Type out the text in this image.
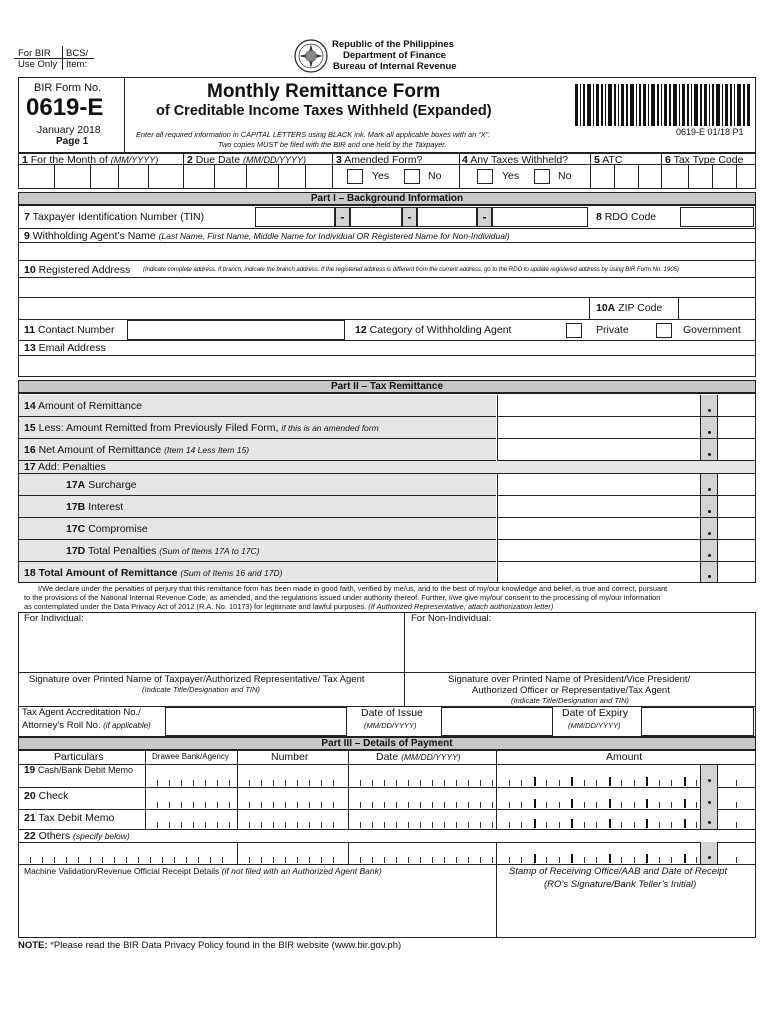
For BIR
Use Only
BCS/
Item:
Republic of the Philippines
Department of Finance
Bureau of Internal Revenue
BIR Form No.
0619-E
January 2018
Page 1
Monthly Remittance Form
of Creditable Income Taxes Withheld (Expanded)
Enter all required information in CAPITAL LETTERS using BLACK ink. Mark all applicable boxes with an “X”.
Two copies MUST be filed with the BIR and one held by the Taxpayer.
0619-E 01/18 P1
1 For the Month of (MM/YYYY)	2 Due Date (MM/DD/YYYY)	3 Amended Form?	4 Any Taxes Withheld? 5 ATC	6 Tax Type Code
Yes	No	Yes	No
Part I – Background Information
7 Taxpayer Identification Number (TIN)	-	-	-	8 RDO Code
9 Withholding Agent’s Name (Last Name, First Name, Middle Name for Individual OR Registered Name for Non-Individual)
10 Registered Address (Indicate complete address. If branch, indicate the branch address. If the registered address is different from the current address, go to the RDO to update registered address by using BIR Form No. 1905)
10A ZIP Code
11 Contact Number	12 Category of Withholding Agent	Private	Government
13 Email Address
Part II – Tax Remittance
14 Amount of Remittance
15 Less: Amount Remitted from Previously Filed Form, if this is an amended form
16 Net Amount of Remittance (Item 14 Less Item 15)
17 Add: Penalties
17A Surcharge
17B Interest
17C Compromise
17D Total Penalties (Sum of Items 17A to 17C)
18 Total Amount of Remittance (Sum of Items 16 and 17D)
I/We declare under the penalties of perjury that this remittance form has been made in good faith, verified by me/us, and to the best of my/our knowledge and belief, is true and correct, pursuant
to the provisions of the National Internal Revenue Code, as amended, and the regulations issued under authority thereof. Further, I/we give my/our consent to the processing of my/our information
as contemplated under the Data Privacy Act of 2012 (R.A. No. 10173) for legitimate and lawful purposes. (If Authorized Representative, attach authorization letter)
For Individual:	For Non-Individual:
Signature over Printed Name of Taxpayer/Authorized Representative/ Tax Agent
(Indicate Title/Designation and TIN)
Signature over Printed Name of President/Vice President/
Authorized Officer or Representative/Tax Agent
(Indicate Title/Designation and TIN)
Tax Agent Accreditation No./
Attorney’s Roll No. (if applicable)
Date of Issue
(MM/DD/YYYY)
Date of Expiry
(MM/DD/YYYY)
Part III – Details of Payment
Particulars	Drawee Bank/Agency	Number	Date (MM/DD/YYYY)	Amount
19 Cash/Bank Debit Memo
20 Check
21 Tax Debit Memo
22 Others (specify below)
Machine Validation/Revenue Official Receipt Details (if not filed with an Authorized Agent Bank)	Stamp of Receiving Office/AAB and Date of Receipt
(RO’s Signature/Bank Teller’s Initial)
NOTE: *Please read the BIR Data Privacy Policy found in the BIR website (www.bir.gov.ph)
